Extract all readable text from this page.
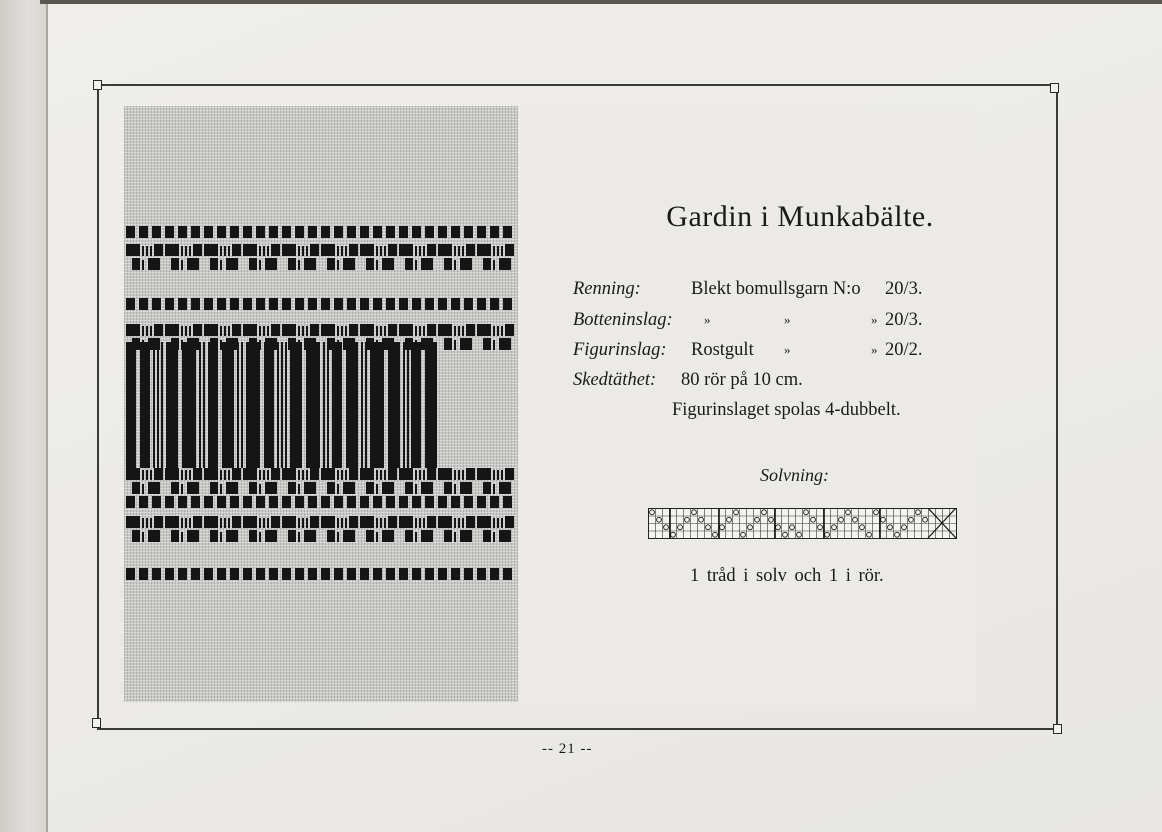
Gardin i Munkabälte.
Renning:	Blekt bomullsgarn N:o 20/3.
Botteninslag: »	»	» 20/3.
Figurinslag: Rostgult »	» 20/2.
Skedtäthet: 80 rör på 10 cm.
Figurinslaget spolas 4-dubbelt.
Solvning:
1 tråd i solv och 1 i rör.
-- 21 --
